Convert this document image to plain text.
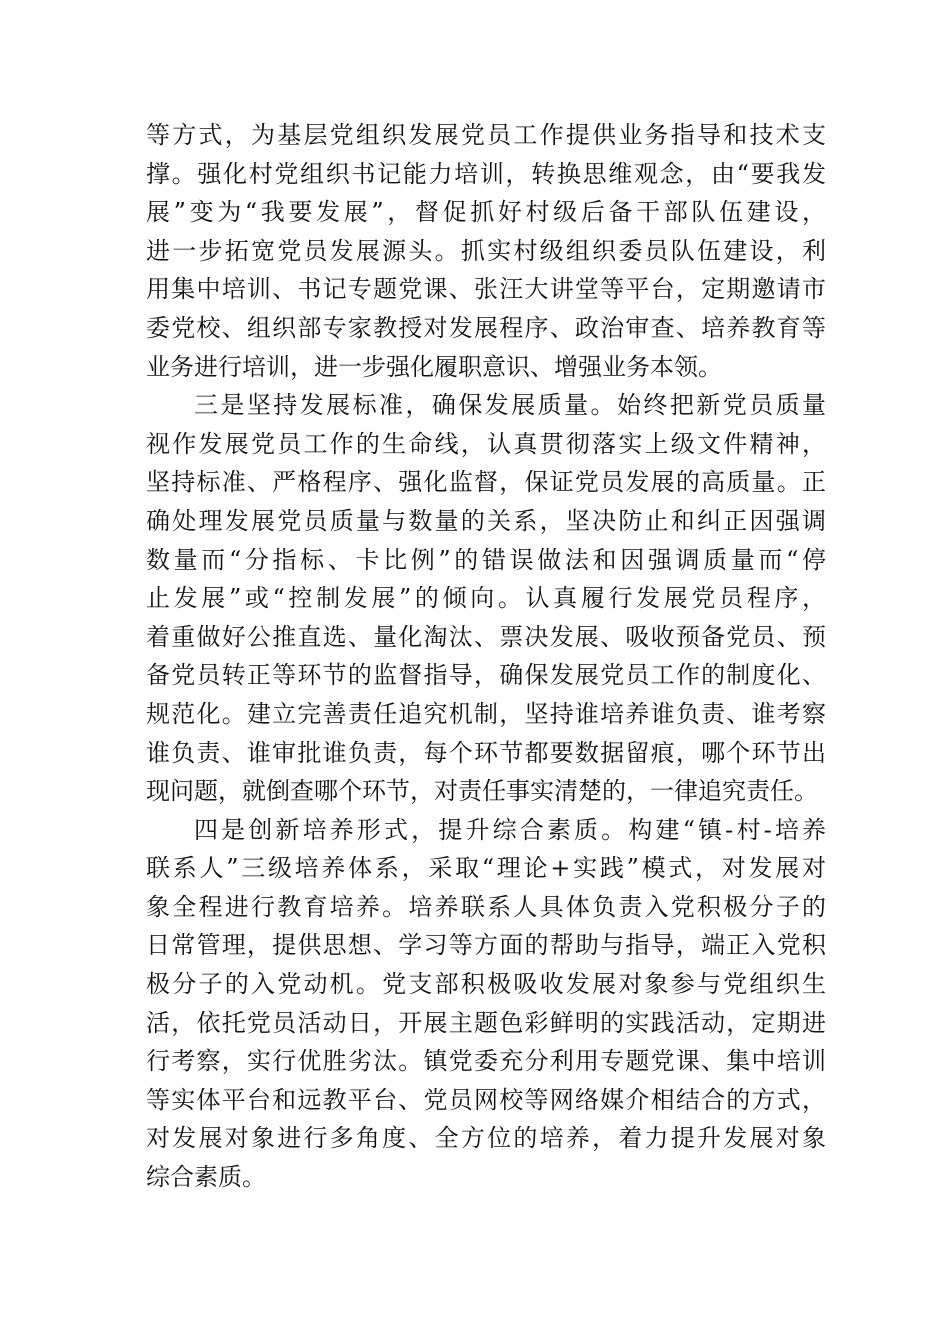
等方式，为基层党组织发展党员工作提供业务指导和技术支
撑。强化村党组织书记能力培训，转换思维观念，由“要我发
展”变为“我要发展”，督促抓好村级后备干部队伍建设，
进一步拓宽党员发展源头。抓实村级组织委员队伍建设，利
用集中培训、书记专题党课、张汪大讲堂等平台，定期邀请市
委党校、组织部专家教授对发展程序、政治审查、培养教育等
业务进行培训，进一步强化履职意识、增强业务本领。
三是坚持发展标准，确保发展质量。始终把新党员质量
视作发展党员工作的生命线，认真贯彻落实上级文件精神，
坚持标准、严格程序、强化监督，保证党员发展的高质量。正
确处理发展党员质量与数量的关系，坚决防止和纠正因强调
数量而“分指标、卡比例”的错误做法和因强调质量而“停
止发展”或“控制发展”的倾向。认真履行发展党员程序，
着重做好公推直选、量化淘汰、票决发展、吸收预备党员、预
备党员转正等环节的监督指导，确保发展党员工作的制度化、
规范化。建立完善责任追究机制，坚持谁培养谁负责、谁考察
谁负责、谁审批谁负责，每个环节都要数据留痕，哪个环节出
现问题，就倒查哪个环节，对责任事实清楚的，一律追究责任。
四是创新培养形式，提升综合素质。构建“镇-村-培养
联系人”三级培养体系，采取“理论+实践”模式，对发展对
象全程进行教育培养。培养联系人具体负责入党积极分子的
日常管理，提供思想、学习等方面的帮助与指导，端正入党积
极分子的入党动机。党支部积极吸收发展对象参与党组织生
活，依托党员活动日，开展主题色彩鲜明的实践活动，定期进
行考察，实行优胜劣汰。镇党委充分利用专题党课、集中培训
等实体平台和远教平台、党员网校等网络媒介相结合的方式，
对发展对象进行多角度、全方位的培养，着力提升发展对象
综合素质。
